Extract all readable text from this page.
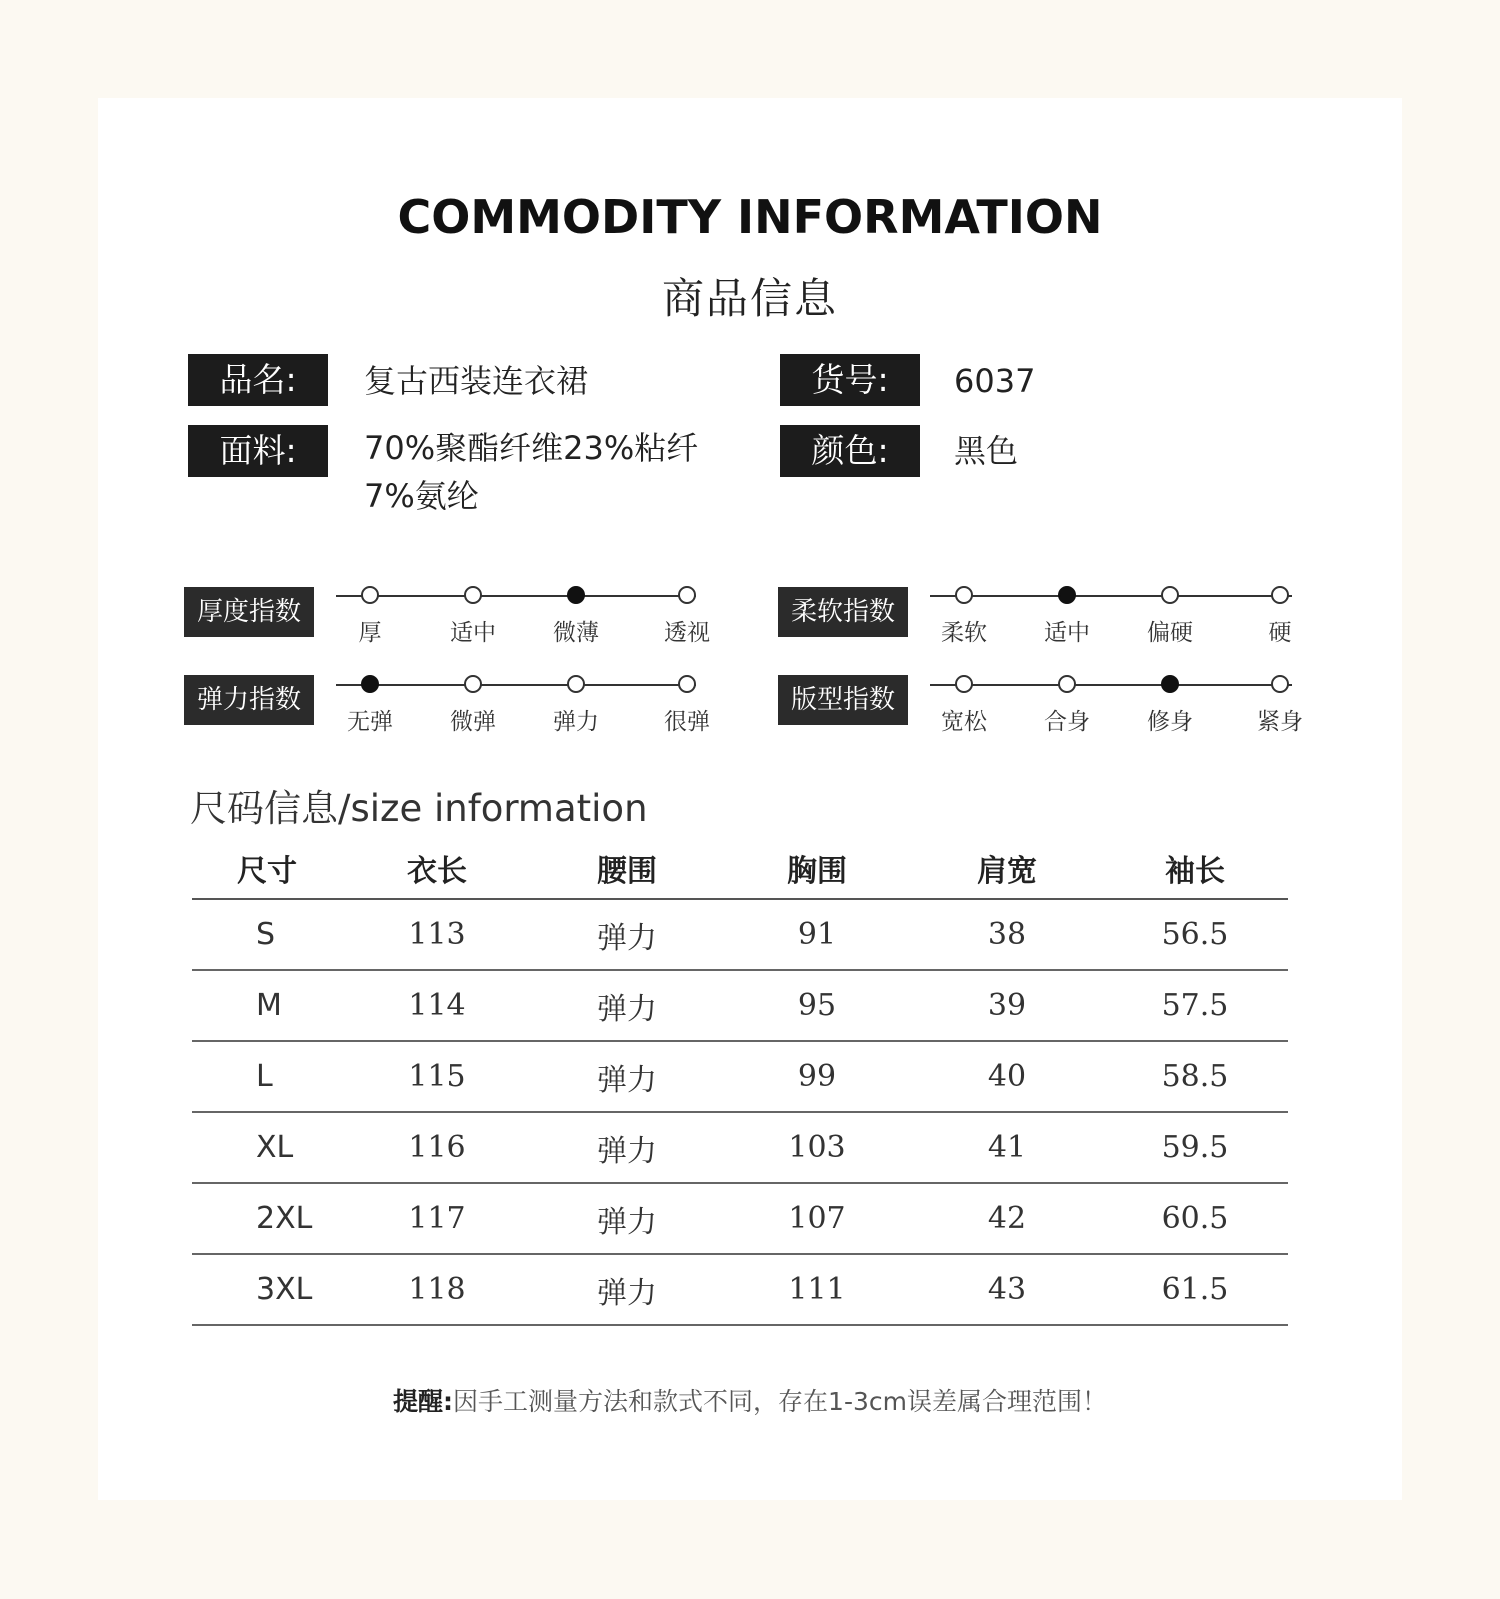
COMMODITY INFORMATION
商品信息
品名:	复古西装连衣裙	货号:	6037
面料:	70%聚酯纤维23%粘纤
7%氨纶
颜色:	黑色
厚度指数	柔软指数
弹力指数	版型指数
尺码信息/size information
尺寸	衣长	腰围	胸围	肩宽	袖长
S	113	弹力	91	38	56.5
M	114	弹力	95	39	57.5
L	115	弹力	99	40	58.5
XL	116	弹力	103	41	59.5
2XL	117	弹力	107	42	60.5
3XL	118	弹力	111	43	61.5
提醒:因手工测量方法和款式不同，存在1-3cm误差属合理范围！
厚	适中	微薄	透视	柔软	适中	偏硬	硬
无弹	微弹	弹力	很弹	宽松	合身	修身	紧身
